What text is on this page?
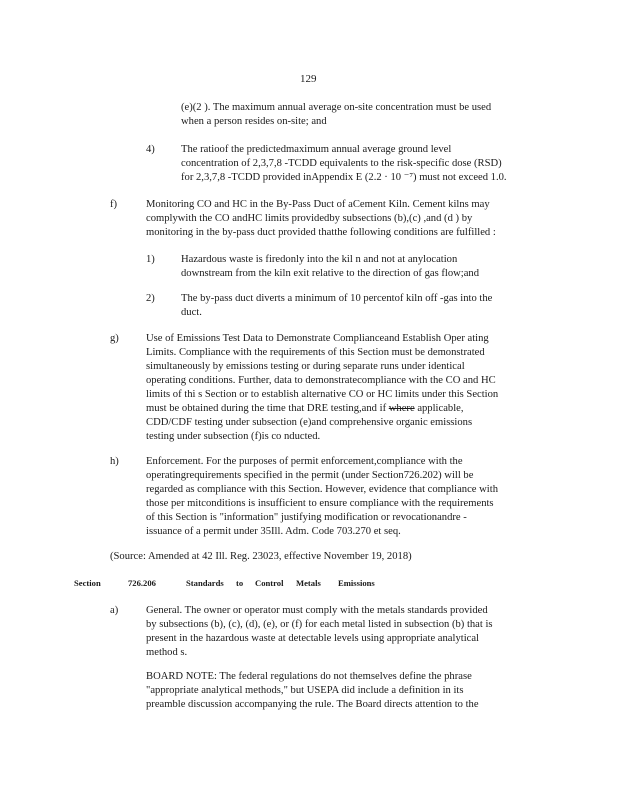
129
(e)(2 ). The maximum annual average on-site concentration must be used
when a person resides on-site; and
4) The ratioof the predictedmaximum annual average ground level
concentration of 2,3,7,8 -TCDD equivalents to the risk-specific dose (RSD)
for 2,3,7,8 -TCDD provided inAppendix E (2.2 · 10 ⁻⁷) must not exceed 1.0.
f)	Monitoring CO and HC in the By-Pass Duct of aCement Kiln. Cement kilns may
complywith the CO andHC limits providedby subsections (b),(c) ,and (d ) by
monitoring in the by-pass duct provided thatthe following conditions are fulfilled :
1) Hazardous waste is firedonly into the kil n and not at anylocation
downstream from the kiln exit relative to the direction of gas flow;and
2) The by-pass duct diverts a minimum of 10 percentof kiln off -gas into the
duct.
g)	Use of Emissions Test Data to Demonstrate Complianceand Establish Oper ating
Limits. Compliance with the requirements of this Section must be demonstrated
simultaneously by emissions testing or during separate runs under identical
operating conditions. Further, data to demonstratecompliance with the CO and HC
limits of thi s Section or to establish alternative CO or HC limits under this Section
must be obtained during the time that DRE testing,and if where applicable,
CDD/CDF testing under subsection (e)and comprehensive organic emissions
testing under subsection (f)is co nducted.
h)	Enforcement. For the purposes of permit enforcement,compliance with the
operatingrequirements specified in the permit (under Section726.202) will be
regarded as compliance with this Section. However, evidence that compliance with
those per mitconditions is insufficient to ensure compliance with the requirements
of this Section is "information" justifying modification or revocationandre -
issuance of a permit under 35Ill. Adm. Code 703.270 et seq.
(Source: Amended at 42 Ill. Reg. 23023, effective November 19, 2018)
Section	726.206	Standards to Control Metals Emissions
a)	General. The owner or operator must comply with the metals standards provided
by subsections (b), (c), (d), (e), or (f) for each metal listed in subsection (b) that is
present in the hazardous waste at detectable levels using appropriate analytical
method s.
BOARD NOTE: The federal regulations do not themselves define the phrase
"appropriate analytical methods," but USEPA did include a definition in its
preamble discussion accompanying the rule. The Board directs attention to the
